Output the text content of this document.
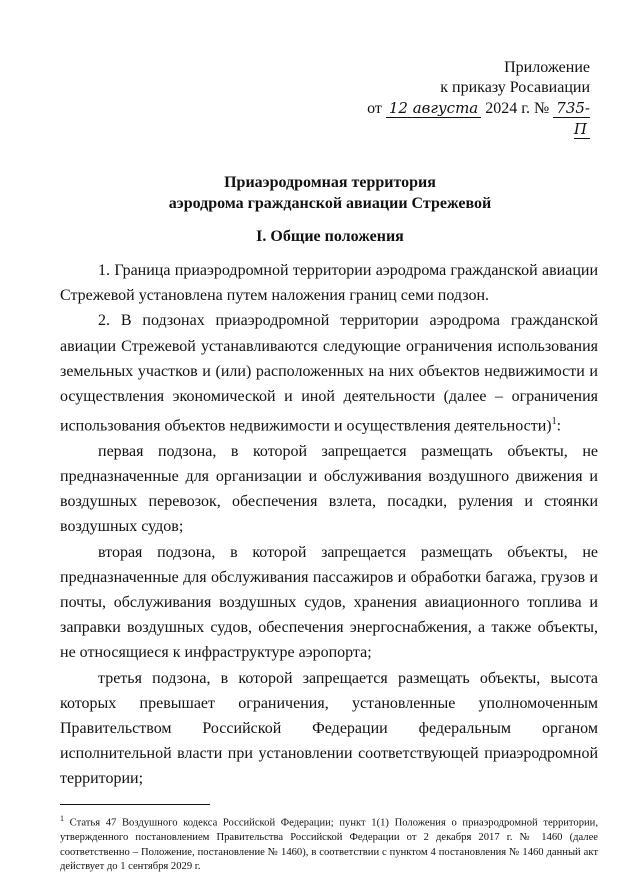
Приложение
к приказу Росавиации
от 12 августа 2024 г. № 735-П
Приаэродромная территория
аэродрома гражданской авиации Стрежевой
I. Общие положения

1. Граница приаэродромной территории аэродрома гражданской авиации Стрежевой установлена путем наложения границ семи подзон.

2. В подзонах приаэродромной территории аэродрома гражданской авиации Стрежевой устанавливаются следующие ограничения использования земельных участков и (или) расположенных на них объектов недвижимости и осуществления экономической и иной деятельности (далее – ограничения использования объектов недвижимости и осуществления деятельности)$^1$:

первая подзона, в которой запрещается размещать объекты, не предназначенные для организации и обслуживания воздушного движения и воздушных перевозок, обеспечения взлета, посадки, руления и стоянки воздушных судов;

вторая подзона, в которой запрещается размещать объекты, не предназначенные для обслуживания пассажиров и обработки багажа, грузов и почты, обслуживания воздушных судов, хранения авиационного топлива и заправки воздушных судов, обеспечения энергоснабжения, а также объекты, не относящиеся к инфраструктуре аэропорта;

третья подзона, в которой запрещается размещать объекты, высота которых превышает ограничения, установленные уполномоченным Правительством Российской Федерации федеральным органом исполнительной власти при установлении соответствующей приаэродромной территории;

$^1$ Статья 47 Воздушного кодекса Российской Федерации; пункт 1(1) Положения о приаэродромной территории, утвержденного постановлением Правительства Российской Федерации от 2 декабря 2017 г. № 1460 (далее соответственно – Положение, постановление № 1460), в соответствии с пунктом 4 постановления № 1460 данный акт действует до 1 сентября 2029 г.
